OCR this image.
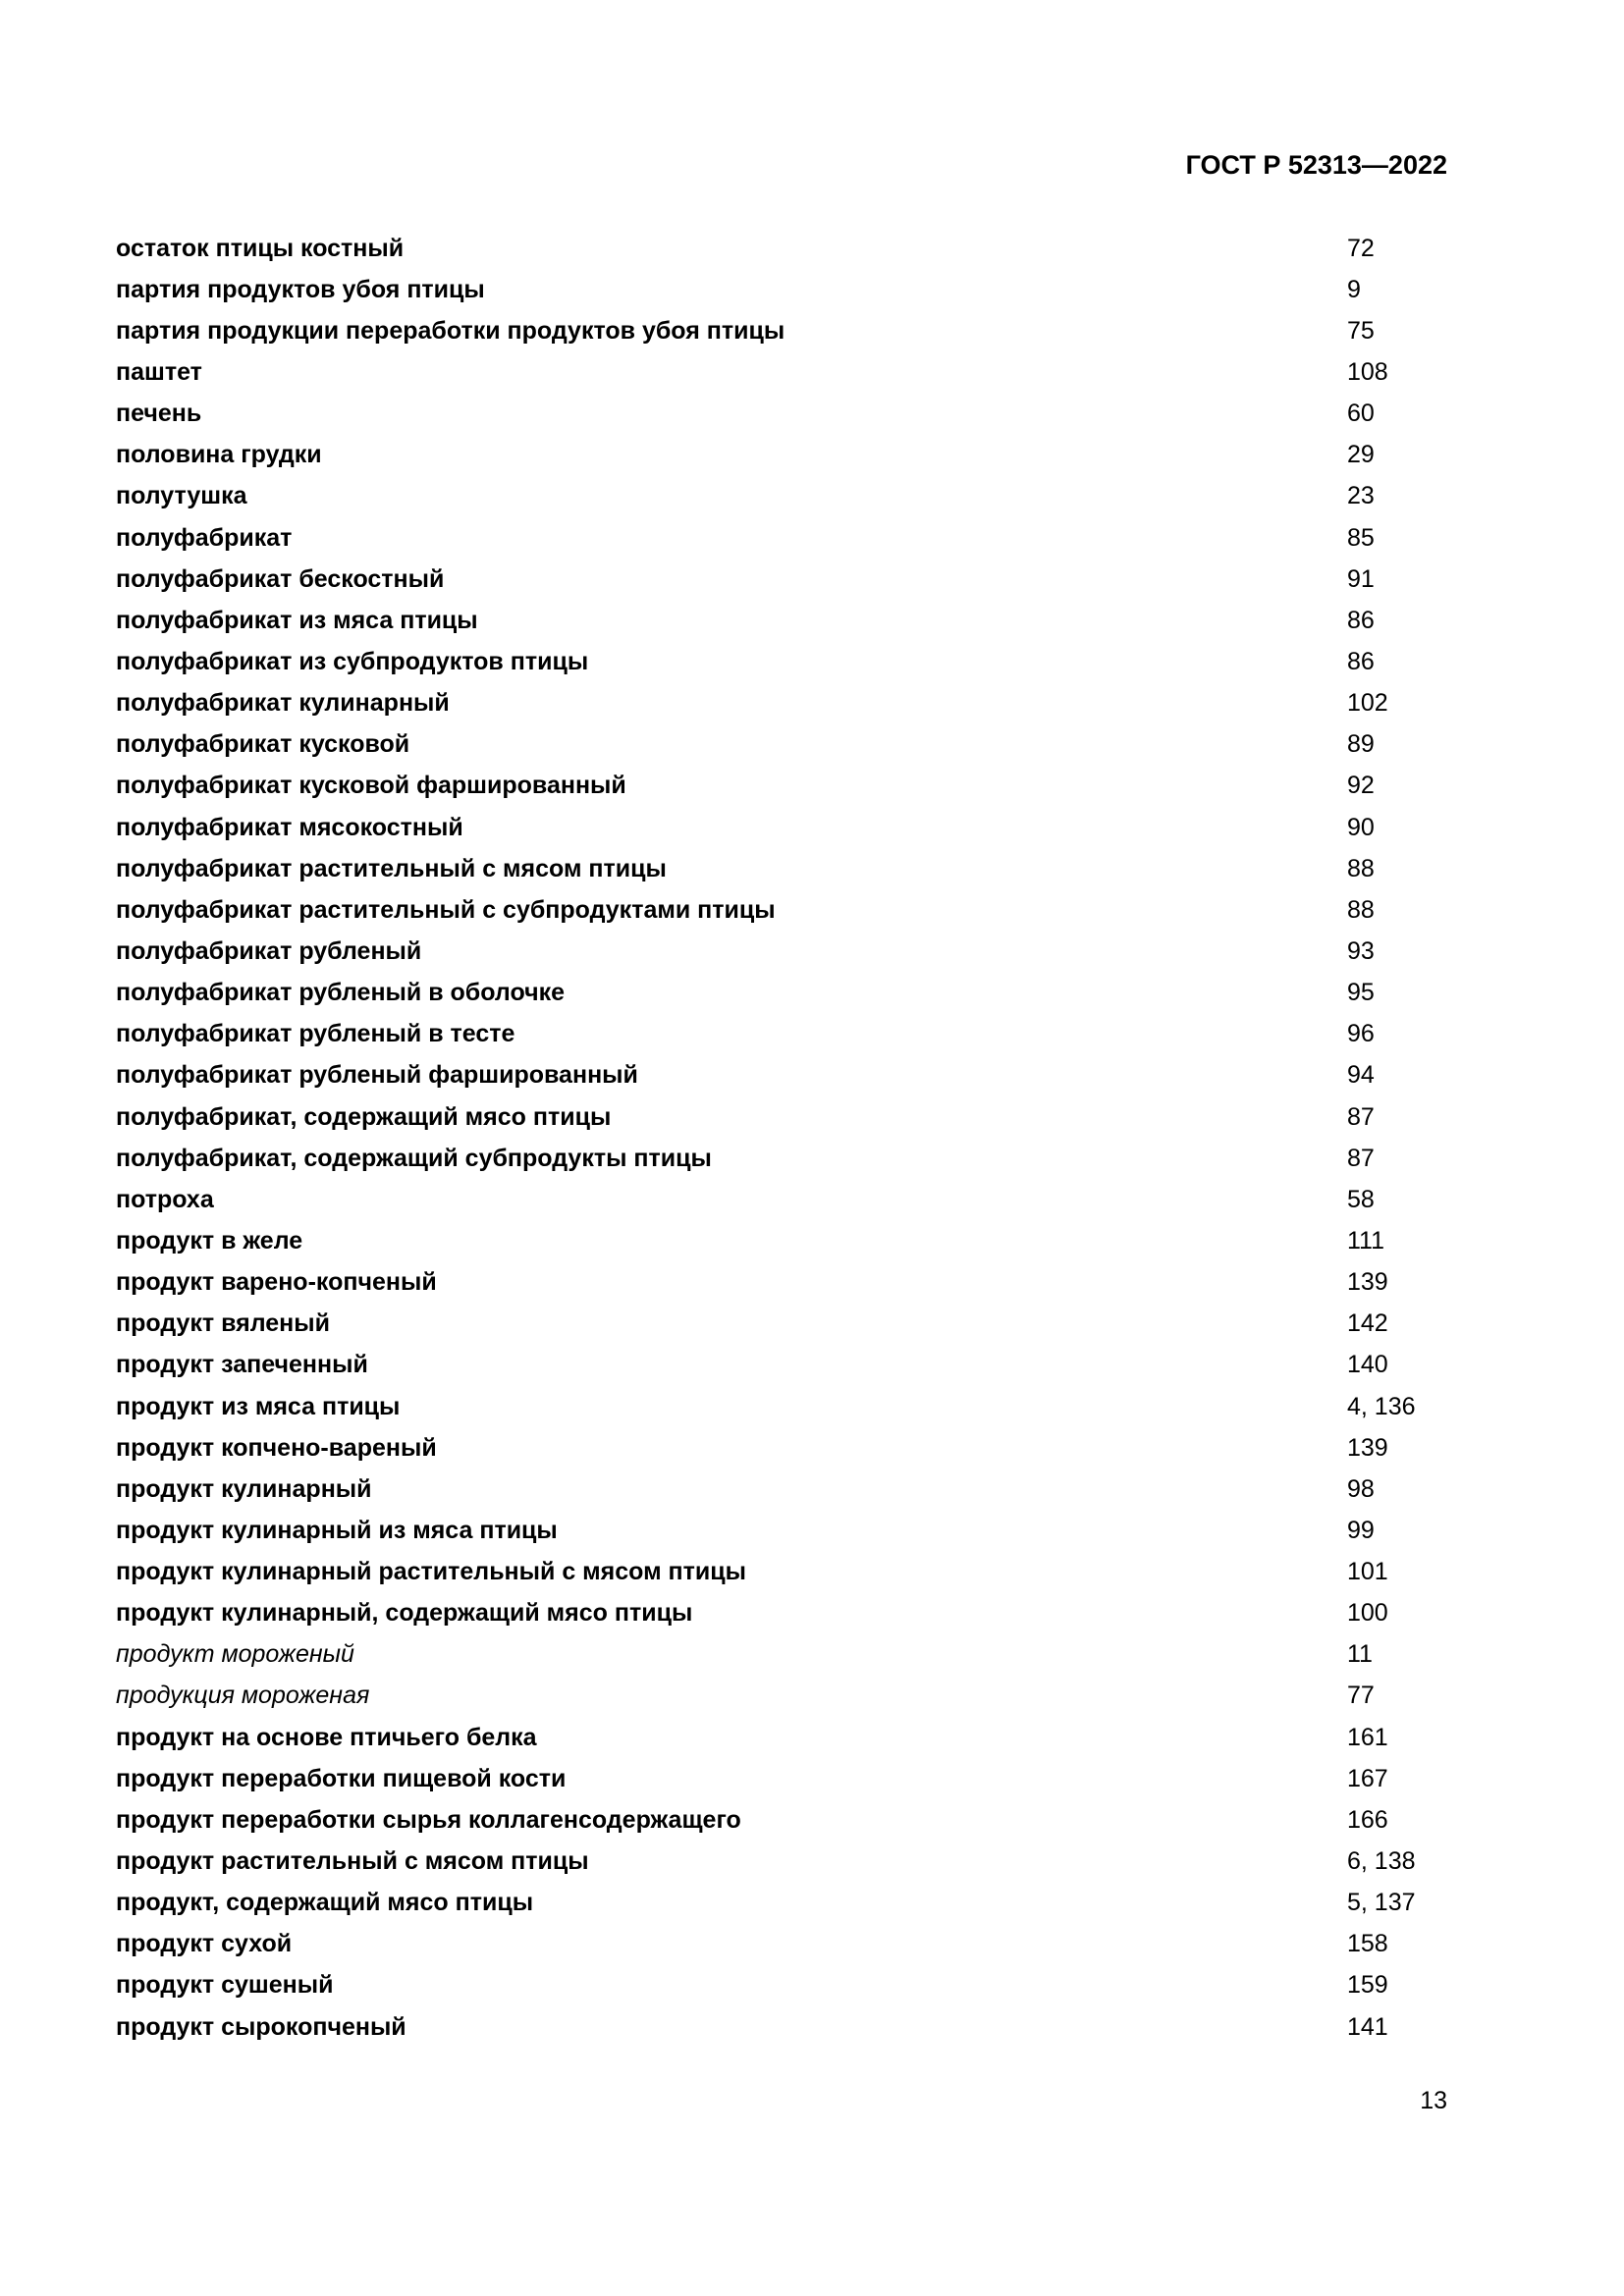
ГОСТ Р 52313—2022
остаток птицы костный	72
партия продуктов убоя птицы	9
партия продукции переработки продуктов убоя птицы	75
паштет	108
печень	60
половина грудки	29
полутушка	23
полуфабрикат	85
полуфабрикат бескостный	91
полуфабрикат из мяса птицы	86
полуфабрикат из субпродуктов птицы	86
полуфабрикат кулинарный	102
полуфабрикат кусковой	89
полуфабрикат кусковой фаршированный	92
полуфабрикат мясокостный	90
полуфабрикат растительный с мясом птицы	88
полуфабрикат растительный с субпродуктами птицы	88
полуфабрикат рубленый	93
полуфабрикат рубленый в оболочке	95
полуфабрикат рубленый в тесте	96
полуфабрикат рубленый фаршированный	94
полуфабрикат, содержащий мясо птицы	87
полуфабрикат, содержащий субпродукты птицы	87
потроха	58
продукт в желе	111
продукт варено-копченый	139
продукт вяленый	142
продукт запеченный	140
продукт из мяса птицы	4, 136
продукт копчено-вареный	139
продукт кулинарный	98
продукт кулинарный из мяса птицы	99
продукт кулинарный растительный с мясом птицы	101
продукт кулинарный, содержащий мясо птицы	100
продукт мороженый	11
продукция мороженая	77
продукт на основе птичьего белка	161
продукт переработки пищевой кости	167
продукт переработки сырья коллагенсодержащего	166
продукт растительный с мясом птицы	6, 138
продукт, содержащий мясо птицы	5, 137
продукт сухой	158
продукт сушеный	159
продукт сырокопченый	141
13
